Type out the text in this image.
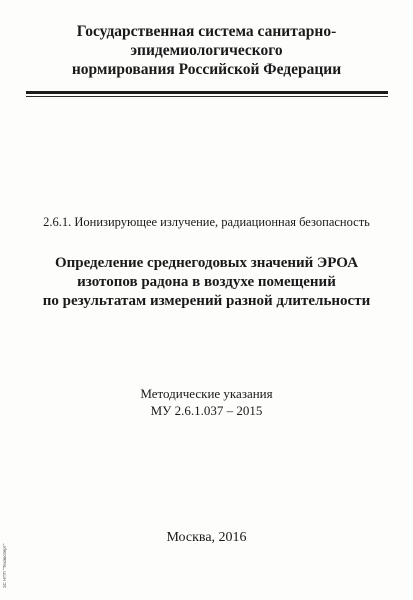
Государственная система санитарно-
эпидемиологического
нормирования Российской Федерации
2.6.1. Ионизирующее излучение, радиационная безопасность
Определение среднегодовых значений ЭРОА
изотопов радона в воздухе помещений
по результатам измерений разной длительности
Методические указания
МУ 2.6.1.037 – 2015
Москва, 2016
ЗС НПП "Техэксперт"
